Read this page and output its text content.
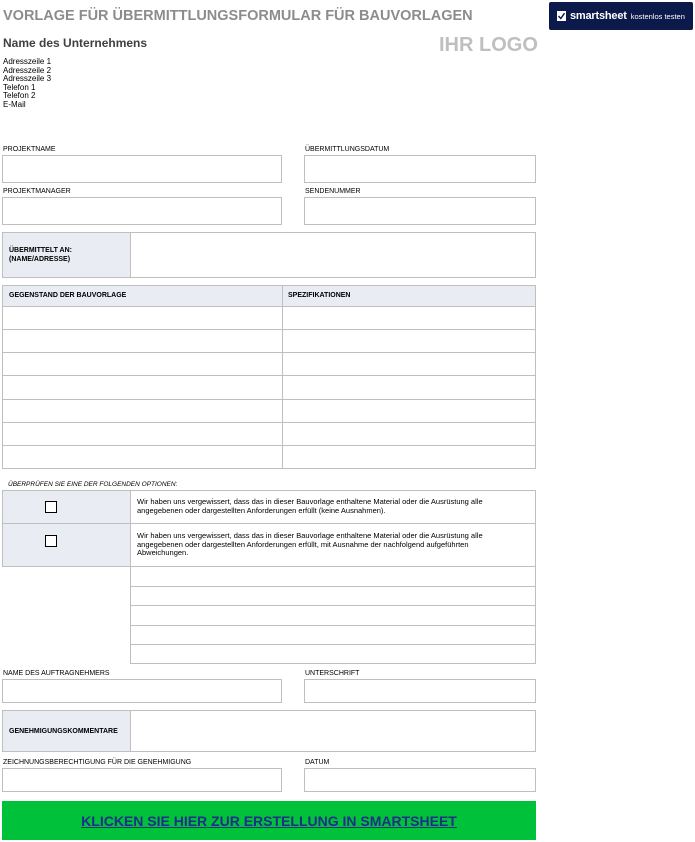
VORLAGE FÜR ÜBERMITTLUNGSFORMULAR FÜR BAUVORLAGEN
Name des Unternehmens
Adresszeile 1
Adresszeile 2
Adresszeile 3
Telefon 1
Telefon 2
E-Mail
IHR LOGO
smartsheet kostenlos testen
PROJEKTNAME	ÜBERMITTLUNGSDATUM
PROJEKTMANAGER	SENDENUMMER
ÜBERMITTELT AN:
(NAME/ADRESSE)
GEGENSTAND DER BAUVORLAGE	SPEZIFIKATIONEN
ÜBERPRÜFEN SIE EINE DER FOLGENDEN OPTIONEN:
Wir haben uns vergewissert, dass das in dieser Bauvorlage enthaltene Material oder die Ausrüstung alle angegebenen oder dargestellten Anforderungen erfüllt (keine Ausnahmen).
Wir haben uns vergewissert, dass das in dieser Bauvorlage enthaltene Material oder die Ausrüstung alle angegebenen oder dargestellten Anforderungen erfüllt, mit Ausnahme der nachfolgend aufgeführten Abweichungen.
NAME DES AUFTRAGNEHMERS	UNTERSCHRIFT
GENEHMIGUNGSKOMMENTARE
ZEICHNUNGSBERECHTIGUNG FÜR DIE GENEHMIGUNG	DATUM
KLICKEN SIE HIER ZUR ERSTELLUNG IN SMARTSHEET
